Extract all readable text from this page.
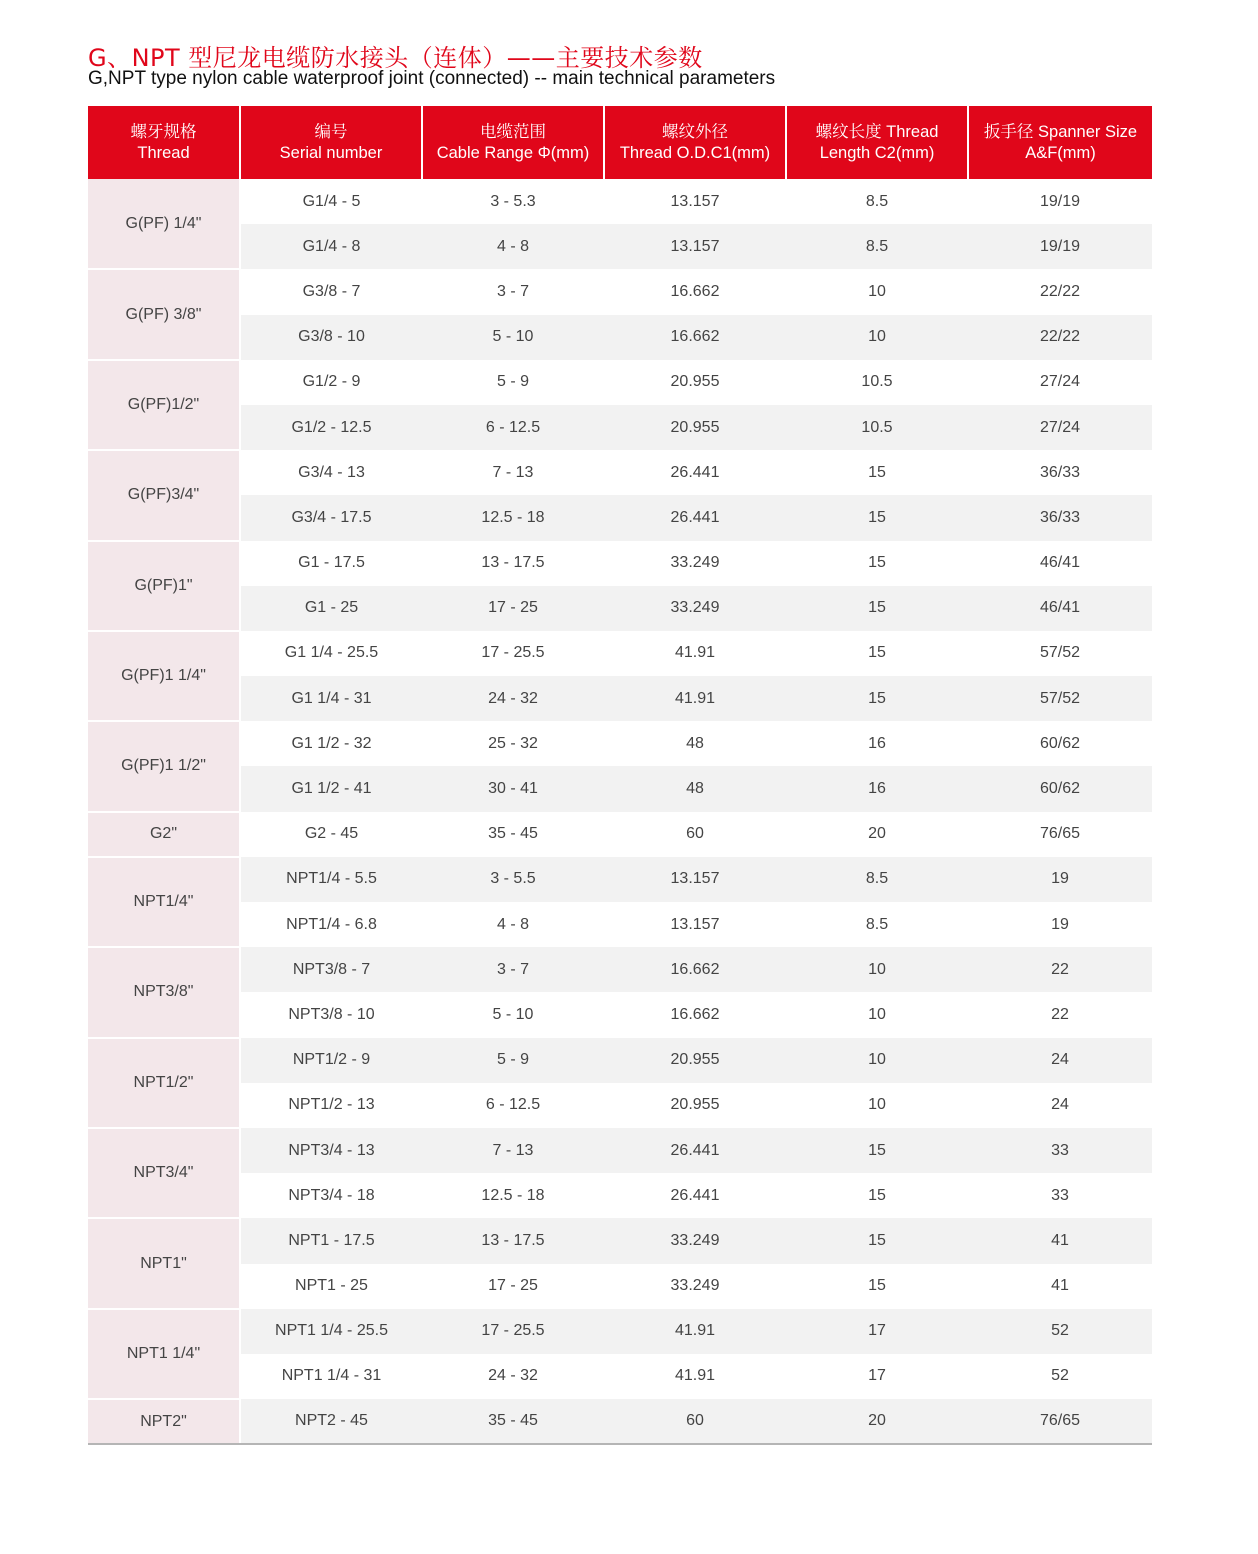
G、NPT 型尼龙电缆防水接头（连体）——主要技术参数
G,NPT type nylon cable waterproof joint (connected) -- main technical parameters
螺牙规格
Thread	编号
Serial number	电缆范围
Cable Range Φ(mm)	螺纹外径
Thread O.D.C1(mm)	螺纹长度 Thread
Length C2(mm)	扳手径 Spanner Size
A&F(mm)

G(PF) 1/4"	G1/4 - 5	3 - 5.3	13.157	8.5	19/19
	G1/4 - 8	4 - 8	13.157	8.5	19/19
G(PF) 3/8"	G3/8 - 7	3 - 7	16.662	10	22/22
	G3/8 - 10	5 - 10	16.662	10	22/22
G(PF)1/2"	G1/2 - 9	5 - 9	20.955	10.5	27/24
	G1/2 - 12.5	6 - 12.5	20.955	10.5	27/24
G(PF)3/4"	G3/4 - 13	7 - 13	26.441	15	36/33
	G3/4 - 17.5	12.5 - 18	26.441	15	36/33
G(PF)1"	G1 - 17.5	13 - 17.5	33.249	15	46/41
	G1 - 25	17 - 25	33.249	15	46/41
G(PF)1 1/4"	G1 1/4 - 25.5	17 - 25.5	41.91	15	57/52
	G1 1/4 - 31	24 - 32	41.91	15	57/52
G(PF)1 1/2"	G1 1/2 - 32	25 - 32	48	16	60/62
	G1 1/2 - 41	30 - 41	48	16	60/62
G2"	G2 - 45	35 - 45	60	20	76/65
NPT1/4"	NPT1/4 - 5.5	3 - 5.5	13.157	8.5	19
	NPT1/4 - 6.8	4 - 8	13.157	8.5	19
NPT3/8"	NPT3/8 - 7	3 - 7	16.662	10	22
	NPT3/8 - 10	5 - 10	16.662	10	22
NPT1/2"	NPT1/2 - 9	5 - 9	20.955	10	24
	NPT1/2 - 13	6 - 12.5	20.955	10	24
NPT3/4"	NPT3/4 - 13	7 - 13	26.441	15	33
	NPT3/4 - 18	12.5 - 18	26.441	15	33
NPT1"	NPT1 - 17.5	13 - 17.5	33.249	15	41
	NPT1 - 25	17 - 25	33.249	15	41
NPT1 1/4"	NPT1 1/4 - 25.5	17 - 25.5	41.91	17	52
	NPT1 1/4 - 31	24 - 32	41.91	17	52
NPT2"	NPT2 - 45	35 - 45	60	20	76/65
